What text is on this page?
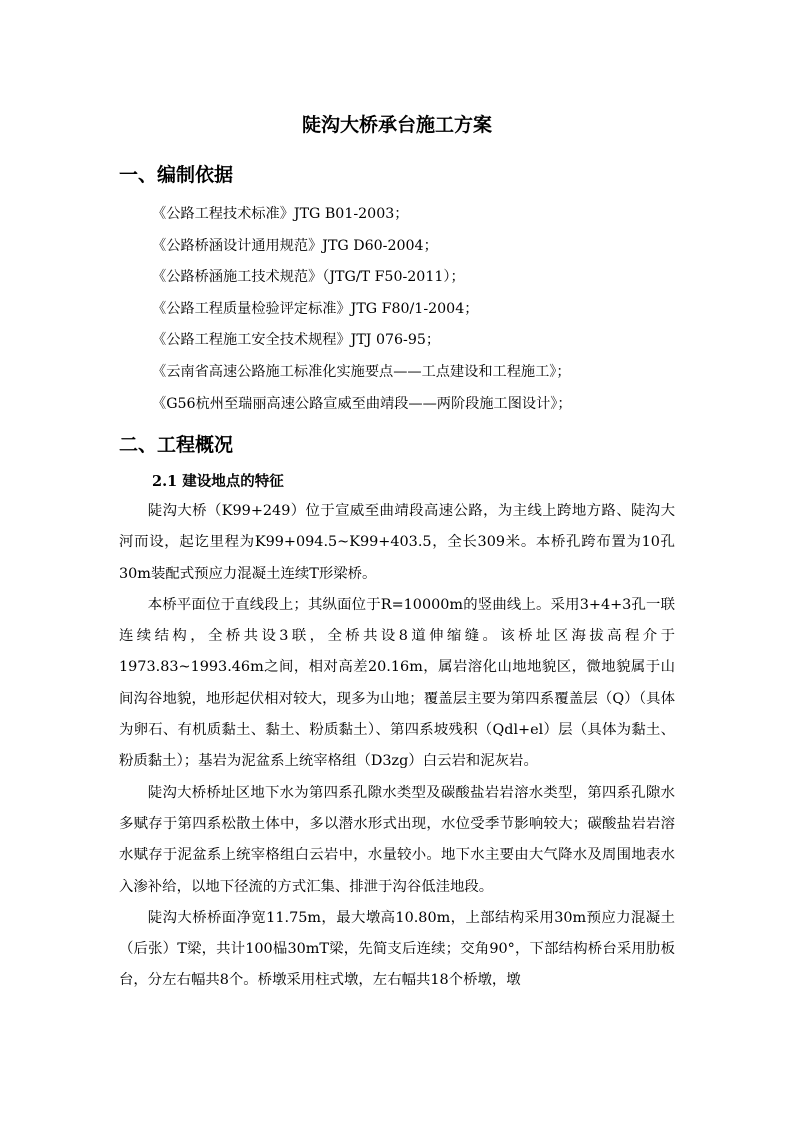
陡沟大桥承台施工方案
一、编制依据
《公路工程技术标准》JTG B01-2003；
《公路桥涵设计通用规范》JTG D60-2004；
《公路桥涵施工技术规范》（JTG/T F50-2011）；
《公路工程质量检验评定标准》JTG F80/1-2004；
《公路工程施工安全技术规程》JTJ 076-95；
《云南省高速公路施工标准化实施要点——工点建设和工程施工》；
《G56杭州至瑞丽高速公路宣威至曲靖段——两阶段施工图设计》；
二、工程概况
2.1 建设地点的特征

陡沟大桥（K99+249）位于宣威至曲靖段高速公路，为主线上跨地方路、陡沟大河而设，起讫里程为K99+094.5~K99+403.5，全长309米。本桥孔跨布置为10孔30m装配式预应力混凝土连续T形梁桥。

本桥平面位于直线段上；其纵面位于R=10000m的竖曲线上。采用3+4+3孔一联连续结构，全桥共设3联，全桥共设8道伸缩缝。该桥址区海拔高程介于1973.83~1993.46m之间，相对高差20.16m，属岩溶化山地地貌区，微地貌属于山间沟谷地貌，地形起伏相对较大，现多为山地；覆盖层主要为第四系覆盖层（Q）（具体为卵石、有机质黏土、黏土、粉质黏土）、第四系坡残积（Qdl+el）层（具体为黏土、粉质黏土）；基岩为泥盆系上统宰格组（D3zg）白云岩和泥灰岩。

陡沟大桥桥址区地下水为第四系孔隙水类型及碳酸盐岩岩溶水类型，第四系孔隙水多赋存于第四系松散土体中，多以潜水形式出现，水位受季节影响较大；碳酸盐岩岩溶水赋存于泥盆系上统宰格组白云岩中，水量较小。地下水主要由大气降水及周围地表水入渗补给，以地下径流的方式汇集、排泄于沟谷低洼地段。

陡沟大桥桥面净宽11.75m，最大墩高10.80m，上部结构采用30m预应力混凝土（后张）T梁，共计100榀30mT梁，先简支后连续；交角90°，下部结构桥台采用肋板台，分左右幅共8个。桥墩采用柱式墩，左右幅共18个桥墩，墩
